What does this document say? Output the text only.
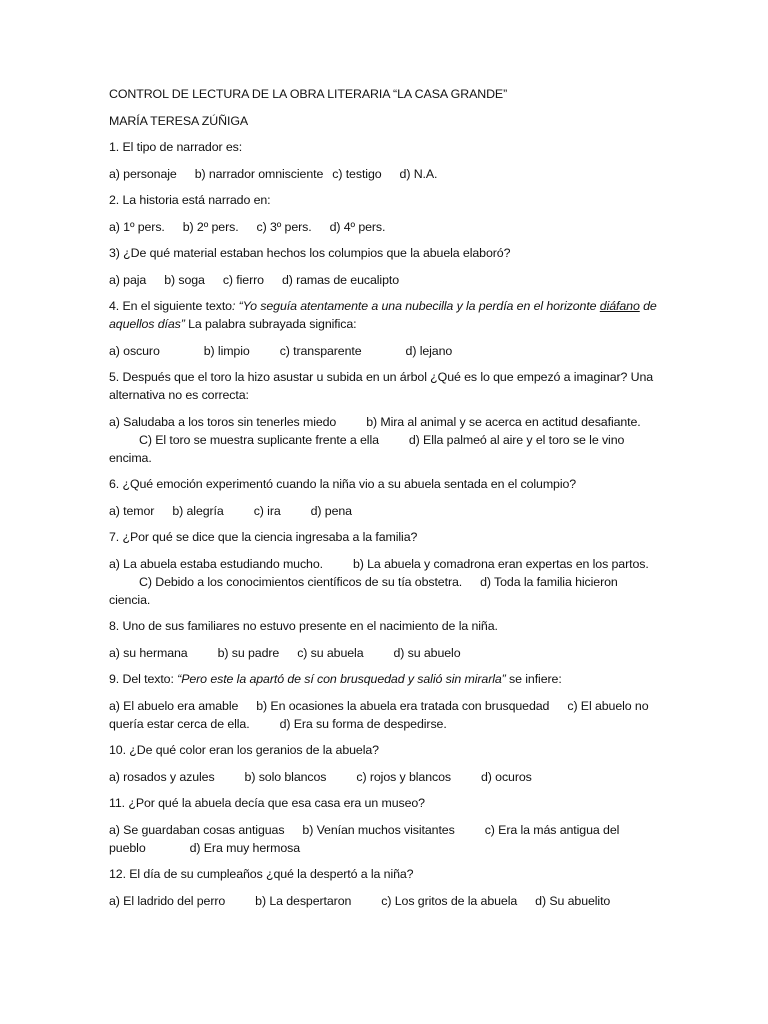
CONTROL DE LECTURA DE LA OBRA LITERARIA “LA CASA GRANDE”
MARÍA TERESA ZÚÑIGA
1. El tipo de narrador es:
a) personaje b) narrador omnisciente c) testigo d) N.A.
2. La historia está narrado en:
a) 1º pers. b) 2º pers. c) 3º pers. d) 4º pers.
3) ¿De qué material estaban hechos los columpios que la abuela elaboró?
a) paja b) soga c) fierro d) ramas de eucalipto
4. En el siguiente texto: “Yo seguía atentamente a una nubecilla y la perdía en el horizonte diáfano de aquellos días” La palabra subrayada significa:
a) oscuro	b) limpio c) transparente	d) lejano
5. Después que el toro la hizo asustar u subida en un árbol ¿Qué es lo que empezó a imaginar? Una alternativa no es correcta:
a) Saludaba a los toros sin tenerles miedo b) Mira al animal y se acerca en actitud desafiante.C) El toro se muestra suplicante frente a ella d) Ella palmeó al aire y el toro se le vino encima.
6. ¿Qué emoción experimentó cuando la niña vio a su abuela sentada en el columpio?
a) temor b) alegría c) ira d) pena
7. ¿Por qué se dice que la ciencia ingresaba a la familia?
a) La abuela estaba estudiando mucho. b) La abuela y comadrona eran expertas en los partos.C) Debido a los conocimientos científicos de su tía obstetra. d) Toda la familia hicieron ciencia.
8. Uno de sus familiares no estuvo presente en el nacimiento de la niña.
a) su hermana b) su padre c) su abuela d) su abuelo
9. Del texto: “Pero este la apartó de sí con brusquedad y salió sin mirarla” se infiere:
a) El abuelo era amable b) En ocasiones la abuela era tratada con brusquedad c) El abuelo no quería estar cerca de ella. d) Era su forma de despedirse.
10. ¿De qué color eran los geranios de la abuela?
a) rosados y azules b) solo blancos c) rojos y blancos d) ocuros
11. ¿Por qué la abuela decía que esa casa era un museo?
a) Se guardaban cosas antiguas b) Venían muchos visitantes c) Era la más antigua del pueblo	d) Era muy hermosa
12. El día de su cumpleaños ¿qué la despertó a la niña?
a) El ladrido del perro b) La despertaron c) Los gritos de la abuela d) Su abuelito
